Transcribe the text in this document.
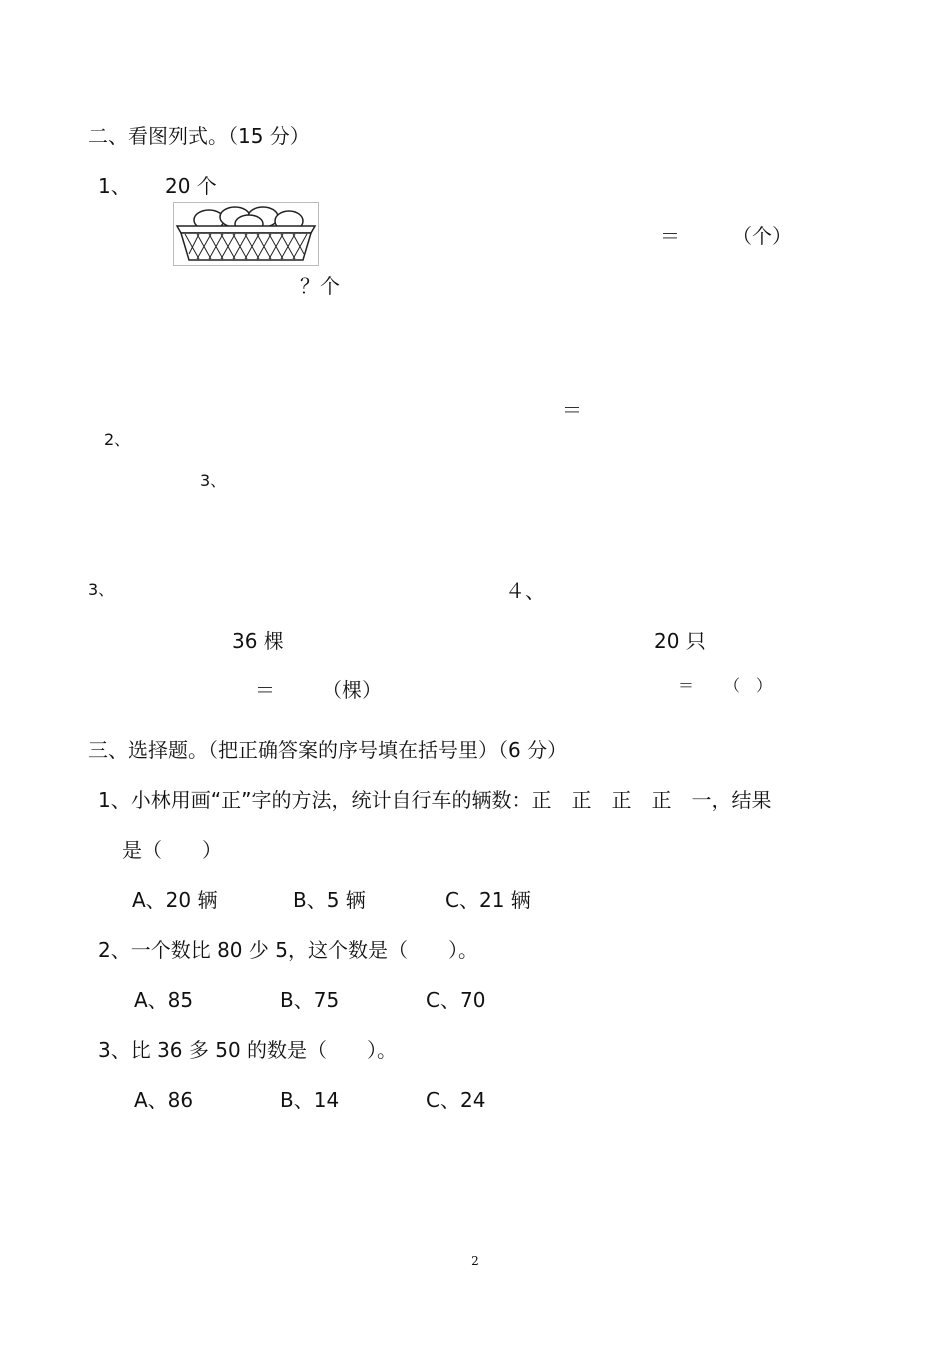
二、看图列式。（15 分）
1、 20 个
＝	（个）
？个
＝
2、
3、
3、	４、
36 棵	20 只
＝ （棵）	＝ （　）
三、选择题。（把正确答案的序号填在括号里）（6 分）
1、小林用画“正”字的方法，统计自行车的辆数：正　正　正　正　一，结果
是（　　）
A、20 辆	B、5 辆	C、21 辆
2、一个数比 80 少 5，这个数是（　　）。
A、85	B、75	C、70
3、比 36 多 50 的数是（　　）。
A、86	B、14	C、24
2
